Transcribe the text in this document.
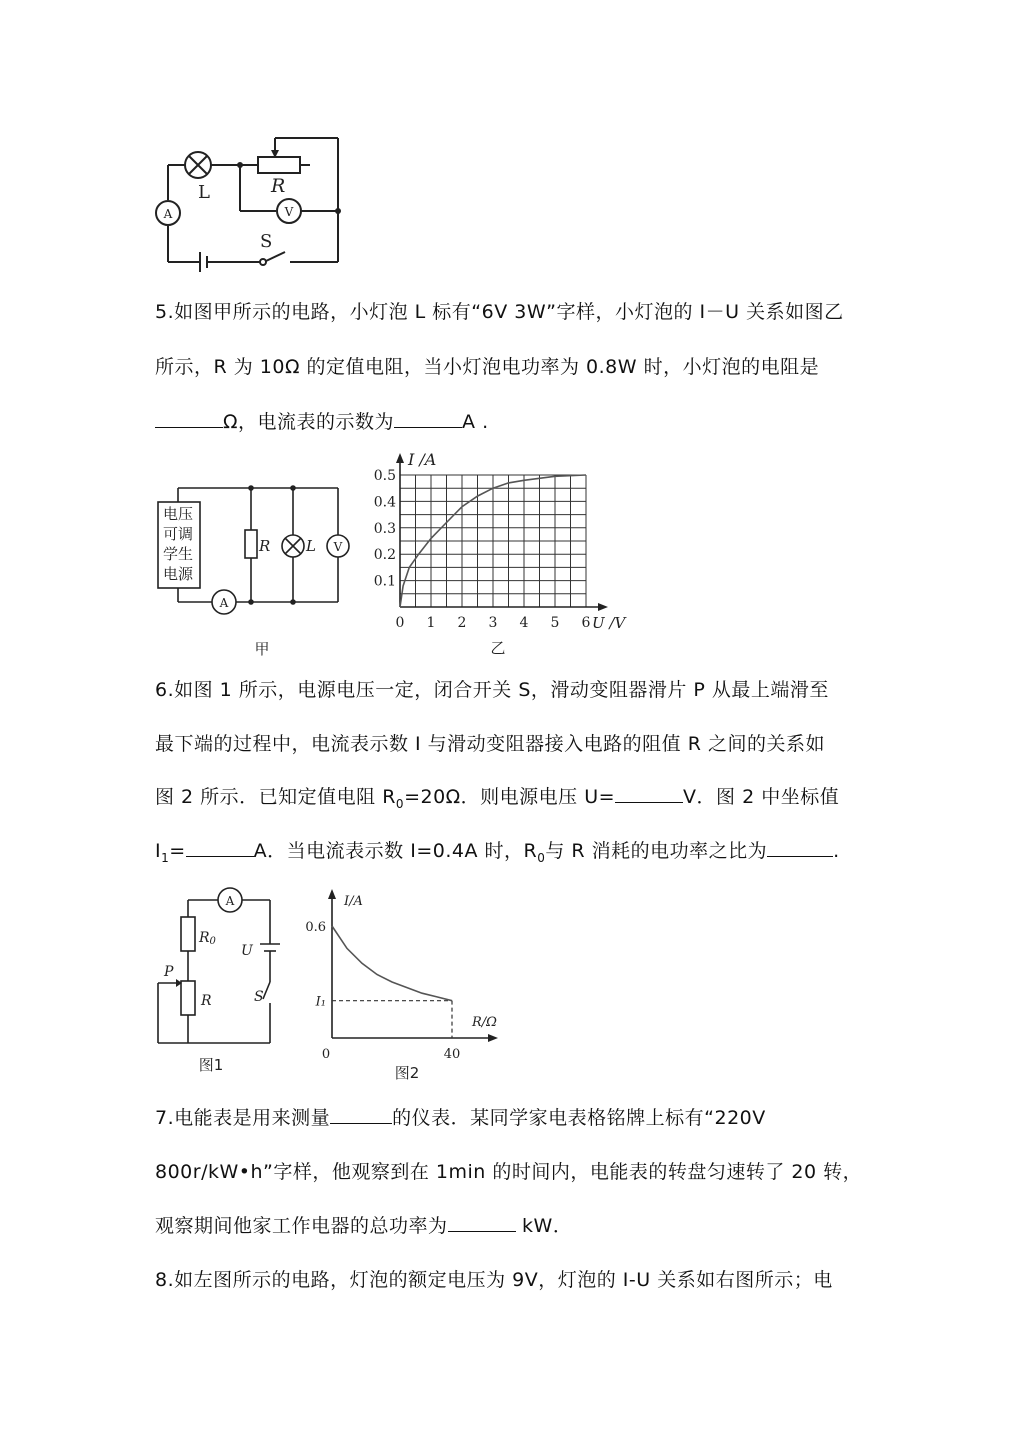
A	V
L	R
S
5.如图甲所示的电路，小灯泡 L 标有“6V 3W”字样，小灯泡的 I－U 关系如图乙
所示，R 为 10Ω 的定值电阻，当小灯泡电功率为 0.8W 时，小灯泡的电阻是
Ω，电流表的示数为	A .
电压可调学生电源
R L V
A
甲
0 1 2 3 4 5 6
0.1
0.2
0.3
0.4
0.5
I /A
U /V
乙
6.如图 1 所示，电源电压一定，闭合开关 S，滑动变阻器滑片 P 从最上端滑至
最下端的过程中，电流表示数 I 与滑动变阻器接入电路的阻值 R 之间的关系如
图 2 所示．已知定值电阻 $R_0=20\Omega$．则电源电压 U=	V．图 2 中坐标值
$I_1=$	A．当电流表示数 I=0.4A 时，$R_0$与 R 消耗的电功率之比为	.
A
R0
P
R
U
S
图1
0	40
0.6
I₁
I/A
R/Ω
图2
7.电能表是用来测量	的仪表．某同学家电表格铭牌上标有“220V
800r/kW•h”字样，他观察到在 1min 的时间内，电能表的转盘匀速转了 20 转，
观察期间他家工作电器的总功率为	kW．
8.如左图所示的电路，灯泡的额定电压为 9V，灯泡的 I-U 关系如右图所示；电
